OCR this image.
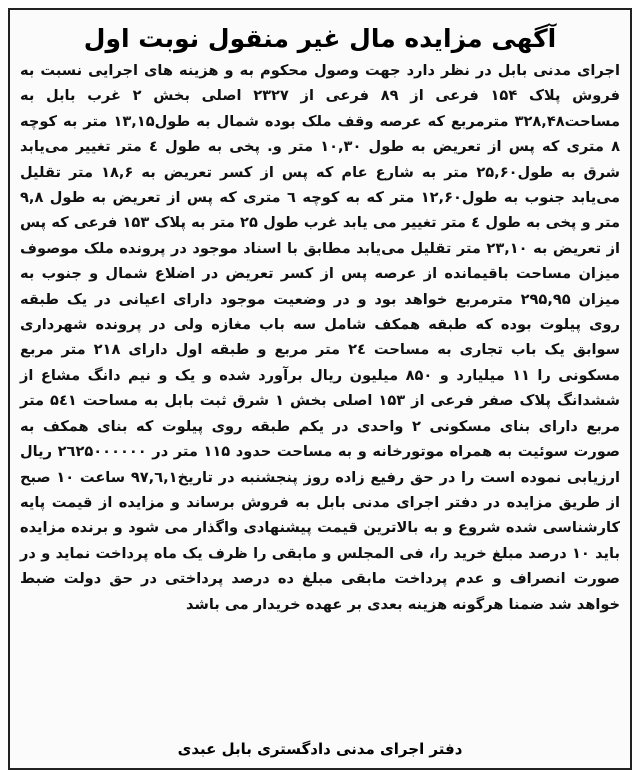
آگهی مزایده مال غیر منقول نوبت اول
اجرای مدنی بابل در نظر دارد جهت وصول محکوم به و هزینه های اجرایی نسبت به فروش پلاک ۱۵۴ فرعی از ۸۹ فرعی از ۲۳۲۷ اصلی بخش ۲ غرب بابل به مساحت۳۲۸,۴۸ مترمربع که عرصه وقف ملک بوده شمال به طول۱۳,۱۵ متر به کوچه ۸ متری که پس از تعریض به طول ۱۰,۳۰ متر و. پخی به طول ٤ متر تغییر می‌یابد شرق به طول۲۵,۶۰ متر به شارع عام که پس از کسر تعریض به ۱۸,۶ متر تقلیل می‌یابد جنوب به طول۱۲,۶۰ متر که به کوچه ٦ متری که پس از تعریض به طول ۹,۸ متر و پخی به طول ٤ متر تغییر می یابد غرب طول ۲۵ متر به پلاک ۱۵۳ فرعی که پس از تعریض به ۲۳,۱۰ متر تقلیل می‌یابد مطابق با اسناد موجود در پرونده ملک موصوف میزان مساحت باقیمانده از عرصه پس از کسر تعریض در اضلاع شمال و جنوب به میزان ۲۹۵,۹۵ مترمربع خواهد بود و در وضعیت موجود دارای اعیانی در یک طبقه روی پیلوت بوده که طبقه همکف شامل سه باب مغازه ولی در پرونده شهرداری سوابق یک باب تجاری به مساحت ۲٤ متر مربع و طبقه اول دارای ۲۱۸ متر مربع مسکونی را ۱۱ میلیارد و ۸۵۰ میلیون ریال برآورد شده و یک و نیم دانگ مشاع از ششدانگ پلاک صفر فرعی از ۱۵۳ اصلی بخش ۱ شرق ثبت بابل به مساحت ۵٤۱ متر مربع دارای بنای مسکونی ۲ واحدی در یکم طبقه روی پیلوت که بنای همکف به صورت سوئیت به همراه موتورخانه و به مساحت حدود ۱۱۵ متر در ۲٦۲۵۰۰۰۰۰۰ ریال ارزیابی نموده است را در حق رفیع زاده روز پنجشنبه در تاریخ۹۷,٦,۱ ساعت ۱۰ صبح از طریق مزایده در دفتر اجرای مدنی بابل به فروش برساند و مزایده از قیمت پایه کارشناسی شده شروع و به بالاترین قیمت پیشنهادی واگذار می شود و برنده مزایده باید ۱۰ درصد مبلغ خرید را، فی المجلس و مابقی را ظرف یک ماه پرداخت نماید و در صورت انصراف و عدم پرداخت مابقی مبلغ ده درصد پرداختی در حق دولت ضبط خواهد شد ضمنا هرگونه هزینه بعدی بر عهده خریدار می باشد
دفتر اجرای مدنی دادگستری بابل عبدی
